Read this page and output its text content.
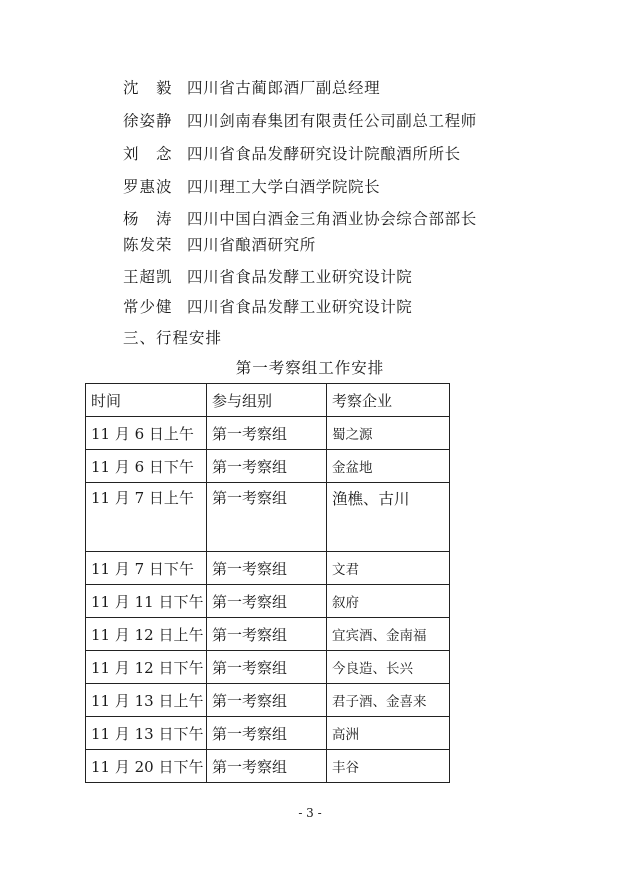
沈　毅 四川省古蔺郎酒厂副总经理
徐姿静 四川剑南春集团有限责任公司副总工程师
刘　念 四川省食品发酵研究设计院酿酒所所长
罗惠波 四川理工大学白酒学院院长
杨　涛 四川中国白酒金三角酒业协会综合部部长
陈发荣 四川省酿酒研究所
王超凯 四川省食品发酵工业研究设计院
常少健 四川省食品发酵工业研究设计院
三、行程安排
第一考察组工作安排
时间	参与组别	考察企业
11 月 6 日上午	第一考察组	蜀之源
11 月 6 日下午	第一考察组	金盆地
11 月 7 日上午	第一考察组	渔樵、古川
11 月 7 日下午	第一考察组	文君
11 月 11 日下午	第一考察组	叙府
11 月 12 日上午	第一考察组	宜宾酒、金南福
11 月 12 日下午	第一考察组	今良造、长兴
11 月 13 日上午	第一考察组	君子酒、金喜来
11 月 13 日下午	第一考察组	高洲
11 月 20 日下午	第一考察组	丰谷
- 3 -
